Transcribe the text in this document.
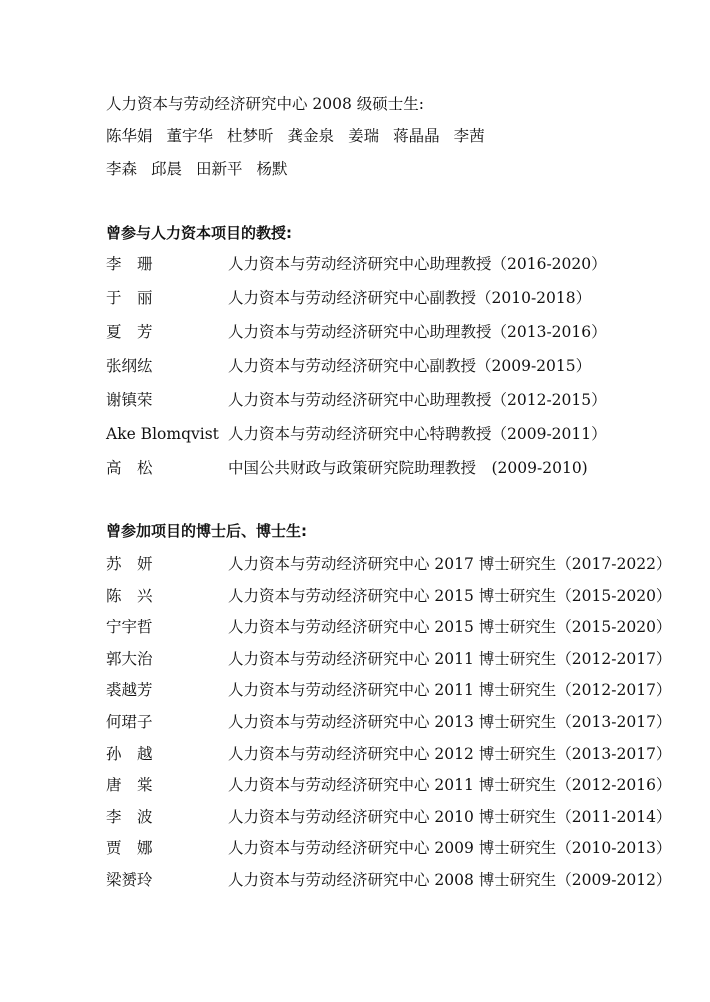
人力资本与劳动经济研究中心 2008 级硕士生:
陈华娟 董宇华 杜梦昕 龚金泉 姜瑞 蒋晶晶 李茜
李森 邱晨 田新平 杨默
曾参与人力资本项目的教授:
李　珊	人力资本与劳动经济研究中心助理教授（2016-2020）
于　丽	人力资本与劳动经济研究中心副教授（2010-2018）
夏　芳	人力资本与劳动经济研究中心助理教授（2013-2016）
张纲纮	人力资本与劳动经济研究中心副教授（2009-2015）
谢镇荣	人力资本与劳动经济研究中心助理教授（2012-2015）
Ake Blomqvist 人力资本与劳动经济研究中心特聘教授（2009-2011）
高　松	中国公共财政与政策研究院助理教授　(2009-2010)
曾参加项目的博士后、博士生:
苏　妍	人力资本与劳动经济研究中心 2017 博士研究生（2017-2022）
陈　兴	人力资本与劳动经济研究中心 2015 博士研究生（2015-2020）
宁宇哲	人力资本与劳动经济研究中心 2015 博士研究生（2015-2020）
郭大治	人力资本与劳动经济研究中心 2011 博士研究生（2012-2017）
裘越芳	人力资本与劳动经济研究中心 2011 博士研究生（2012-2017）
何珺子	人力资本与劳动经济研究中心 2013 博士研究生（2013-2017）
孙　越	人力资本与劳动经济研究中心 2012 博士研究生（2013-2017）
唐　棠	人力资本与劳动经济研究中心 2011 博士研究生（2012-2016）
李　波	人力资本与劳动经济研究中心 2010 博士研究生（2011-2014）
贾　娜	人力资本与劳动经济研究中心 2009 博士研究生（2010-2013）
梁赟玲	人力资本与劳动经济研究中心 2008 博士研究生（2009-2012）
